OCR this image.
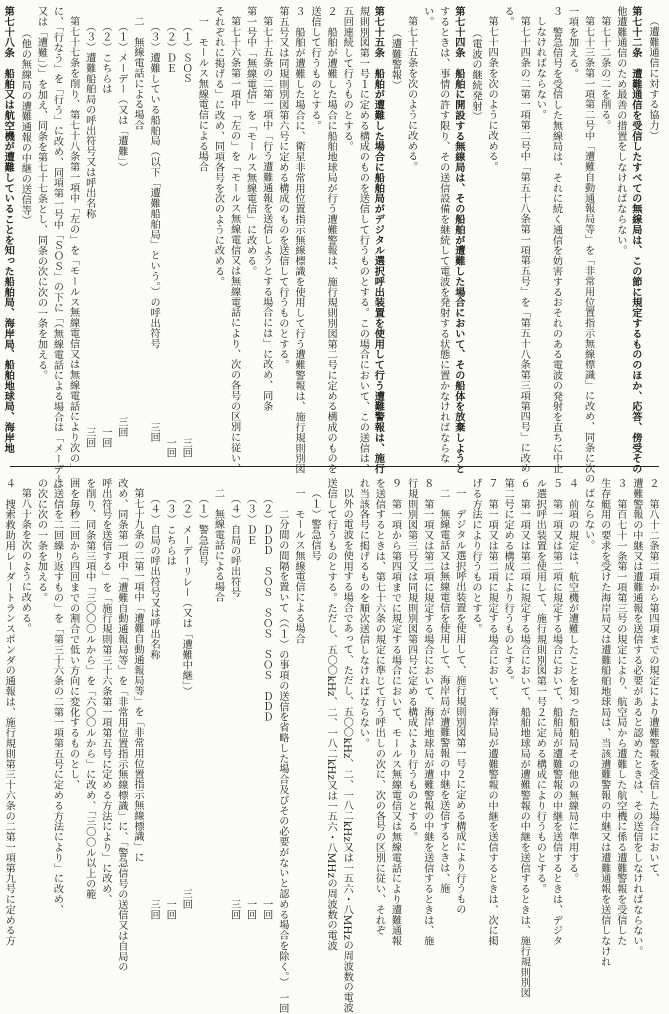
（遭難通信に対する協力）
第七十二条　遭難通信を受信したすべての無線局は、この節に規定するもののほか、応答、傍受その
他遭難通信のため最善の措置をしなければならない。
第七十二条の二を削る。
第七十三条第一項第二号中「遭難自動通報局等」を「非常用位置指示無線標識」に改め、同条に次の
一項を加える。
３　警急信号を受信した無線局は、それに続く通信を妨害するおそれのある電波の発射を直ちに中止
しなければならない。
第七十四条の二第一項第二号中「第五十八条第一項第五号」を「第五十八条第三項第四号」に改め
る。
第七十四条を次のように改める。
（電波の継続発射）
第七十四条　船舶に開設する無線局は、その船舶が遭難した場合において、その船体を放棄しようと
するときは、事情の許す限り、その送信設備を継続して電波を発射する状態に置かなければならな
い。
第七十五条を次のように改める。
（遭難警報）
第七十五条　船舶が遭難した場合に船舶局がデジタル選択呼出装置を使用して行う遭難警報は、施行
規則別図第一号１に定める構成のものを送信して行うものとする。この場合において、この送信は、
五回連続して行うものとする。
２　船舶が遭難した場合に船舶地球局が行う遭難警報は、施行規則別図第二号に定める構成のものを
送信して行うものとする。
３　船舶が遭難した場合に、衛星非常用位置指示無線標識を使用して行う遭難警報は、施行規則別図
第五号又は同規則別図第六号に定める構成のものを送信して行うものとする。
第七十五条の二第一項中「行う遭難通報を送信しようとする場合には」に改め、同条
第一号中「無線電信」を「モールス無線電信」に改める。
第七十六条第一項中「左の」を「モールス無線電信又は無線電話により、次の各号の区別に従い、
それぞれに掲げる」に改め、同項各号を次のように改める。
一　モールス無線電信による場合
　（１）ＳＯＳ　　　　　　　　　　　　　　　　　　　　　　　　　　　　　　　　　　三回
　（２）ＤＥ　　　　　　　　　　　　　　　　　　　　　　　　　　　　　　　　　　　一回
　（３）遭難している船舶局（以下「遭難船舶局」という。）の呼出符号　　　　　　　三回
二　無線電話による場合
　（１）メーデー（又は「遭難」）　　　　　　　　　　　　　　　　　　　　　　　　三回
　（２）こちらは　　　　　　　　　　　　　　　　　　　　　　　　　　　　　　　　一回
　（３）遭難船舶局の呼出符号又は呼出名称　　　　　　　　　　　　　　　　　　　　三回
第七十七条を削り、第七十八条第一項中「左の」を「モールス無線電信又は無線電話により次の」
に、「行なう」を「行う」に改め、同項第一号中「ＳＯＳ」の下に「（無線電話による場合は「メーデー」
又は「遭難」）」を加え、同条を第七十七条とし、同条の次に次の一条を加える。
（他の無線局の遭難通報の中継の送信等）
第七十八条　船舶又は航空機が遭難していることを知った船舶局、海岸局、船舶地球局、海岸地
２　第八十二条第二項から第四項までの規定により遭難警報を受信した場合において、
遭難警報の中継又は遭難通報を送信する必要があると認めたときは、その送信をしなければならない。
３　第百七十一条第一項第三号の規定により、航空局から遭難した航空機に係る遭難警報を受信した
生存艇用の要求を受けた海岸局又は遭難船舶地球局は、当該遭難警報の中継又は遭難通報を送信しなけれ
ばならない。
４　前項の規定は、航空機が遭難したことを知った船舶局その他の無線局に準用する。
５　第一項又は第二項に規定する場合において、船舶局が遭難警報の中継を送信するときは、デジタ
ル選択呼出装置を使用して、施行規則別図第一号２に定める構成により行うものとする。
６　第一項又は第二項に規定する場合において、船舶地球局が遭難警報の中継を送信するときは、施行規則別図
第二号に定める構成により行うものとする。
７　第一項又は第二項に規定する場合において、海岸局が遭難警報の中継を送信するときは、次に掲
げる方法により行うものとする。
一　デジタル選択呼出装置を使用して、施行規則別図第一号２に定める構成により行うもの
二　無線電話又は無線電信を使用して、海岸局が遭難警報の中継を送信するときは、施
８　第一項又は第二項に規定する場合において、海岸地球局が遭難警報の中継を送信するときは、施
行規則別図第三号又は同規則別図第四号に定める構成により行うものとする。
９　第一項から第四項までに規定する場合において、モールス無線電信又は無線電話により遭難通報
を送信するときは、第七十六条の規定に準じて行う呼出しの次に、次の各号の区別に従い、それぞ
れ当該各号に掲げるものを順次送信しなければならない。
以外の電波を使用する場合であって、ただし、五〇〇kHz、二、一八二kHz又は一五六・八MHzの周波数の電波
送信して行うものとする。ただし、五〇〇kHz、二、一八二kHz又は一五六・八MHzの周波数の電波
（１）警急信号
一　モールス無線電信による場合
　　二分間の間隔を置いて（（１）の事項の送信を省略した場合及びその必要がないと認める場合を除く。）　一回
　（２）ＤＤＤ　ＳＯＳ　ＳＯＳ　ＳＯＳ　ＤＤＤ　　　　　　　　　　　　　　　　　一回
　（３）ＤＥ　　　　　　　　　　　　　　　　　　　　　　　　　　　　　　　　　　一回
　（４）自局の呼出符号　　　　　　　　　　　　　　　　　　　　　　　　　　　　　三回
二　無線電話による場合
　（１）警急信号
　（２）メーデーリレー（又は「遭難中継」）　　　　　　　　　　　　　　　　　　　三回
　（３）こちらは　　　　　　　　　　　　　　　　　　　　　　　　　　　　　　　　一回
　（４）自局の呼出符号又は呼出名称　　　　　　　　　　　　　　　　　　　　　　　三回
第七十九条の二第一項中「遭難自動通報局等」を「非常用位置指示無線標識」に
改め、同条第一項中「遭難自動通報局等」を「非常用位置指示無線標識」に、「警急信号の送信又は自局の
呼出符号を送信する」を「施行規則第三十六条第一項第五号に定める方法により」に改め、
を削り、同条第三項中「三〇〇〇ルから」を「六〇〇ルから」に改め、「三〇〇ル以上の範
囲を毎秒二回から四回までの割合で低い方向に変化するものとし、
は送信を二回繰り返すもの」を「第三十六条の二第一項第五号に定める方法により」に改め、
の次に次の一条を加える。
第八十条を次のように改める。
４　捜索救助用レーダートランスポンダの通報は、施行規則第三十六条の二第一項第九号に定める方
